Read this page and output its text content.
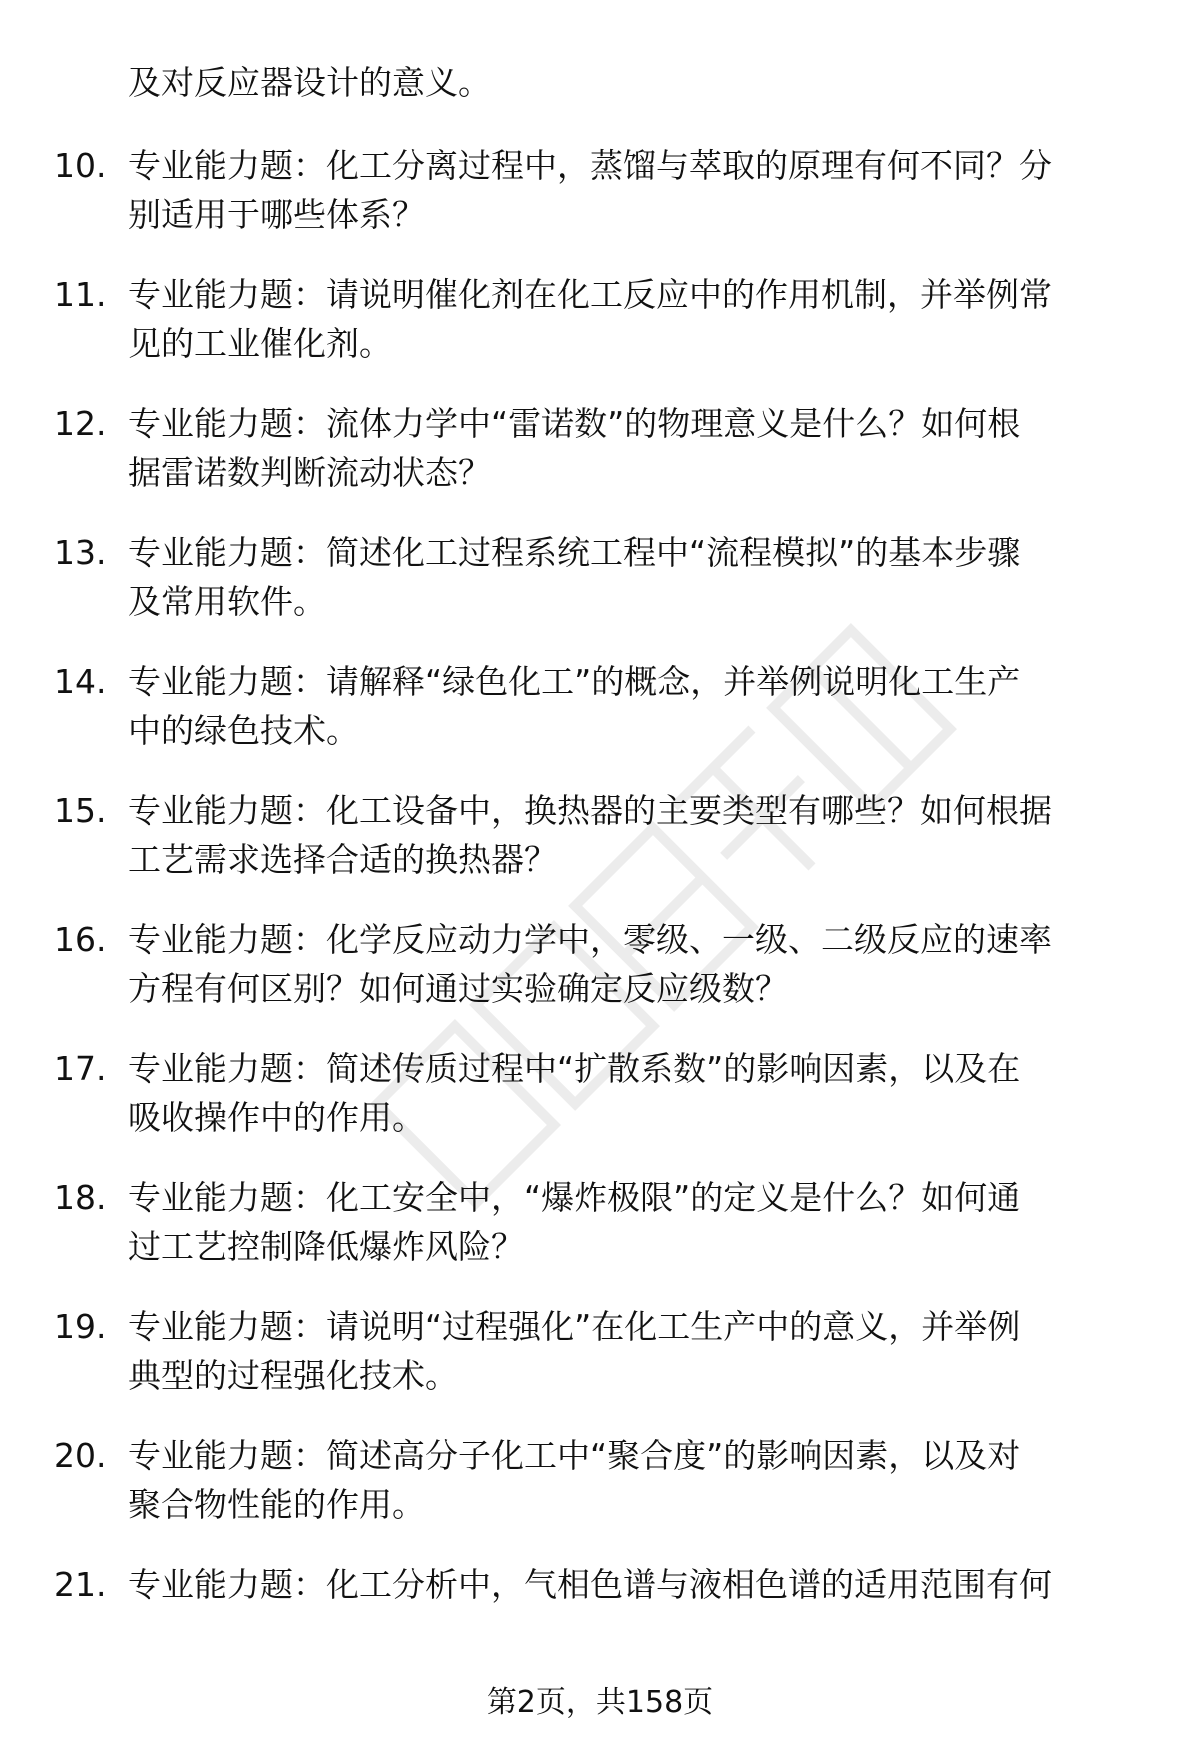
及对反应器设计的意义。
10. 专业能力题：化工分离过程中，蒸馏与萃取的原理有何不同？分
别适用于哪些体系？
11. 专业能力题：请说明催化剂在化工反应中的作用机制，并举例常
见的工业催化剂。
12. 专业能力题：流体力学中“雷诺数”的物理意义是什么？如何根
据雷诺数判断流动状态？
13. 专业能力题：简述化工过程系统工程中“流程模拟”的基本步骤
及常用软件。
14. 专业能力题：请解释“绿色化工”的概念，并举例说明化工生产
中的绿色技术。
15. 专业能力题：化工设备中，换热器的主要类型有哪些？如何根据
工艺需求选择合适的换热器？
16. 专业能力题：化学反应动力学中，零级、一级、二级反应的速率
方程有何区别？如何通过实验确定反应级数？
17. 专业能力题：简述传质过程中“扩散系数”的影响因素，以及在
吸收操作中的作用。
18. 专业能力题：化工安全中，“爆炸极限”的定义是什么？如何通
过工艺控制降低爆炸风险？
19. 专业能力题：请说明“过程强化”在化工生产中的意义，并举例
典型的过程强化技术。
20. 专业能力题：简述高分子化工中“聚合度”的影响因素，以及对
聚合物性能的作用。
21. 专业能力题：化工分析中，气相色谱与液相色谱的适用范围有何
第2页，共158页
